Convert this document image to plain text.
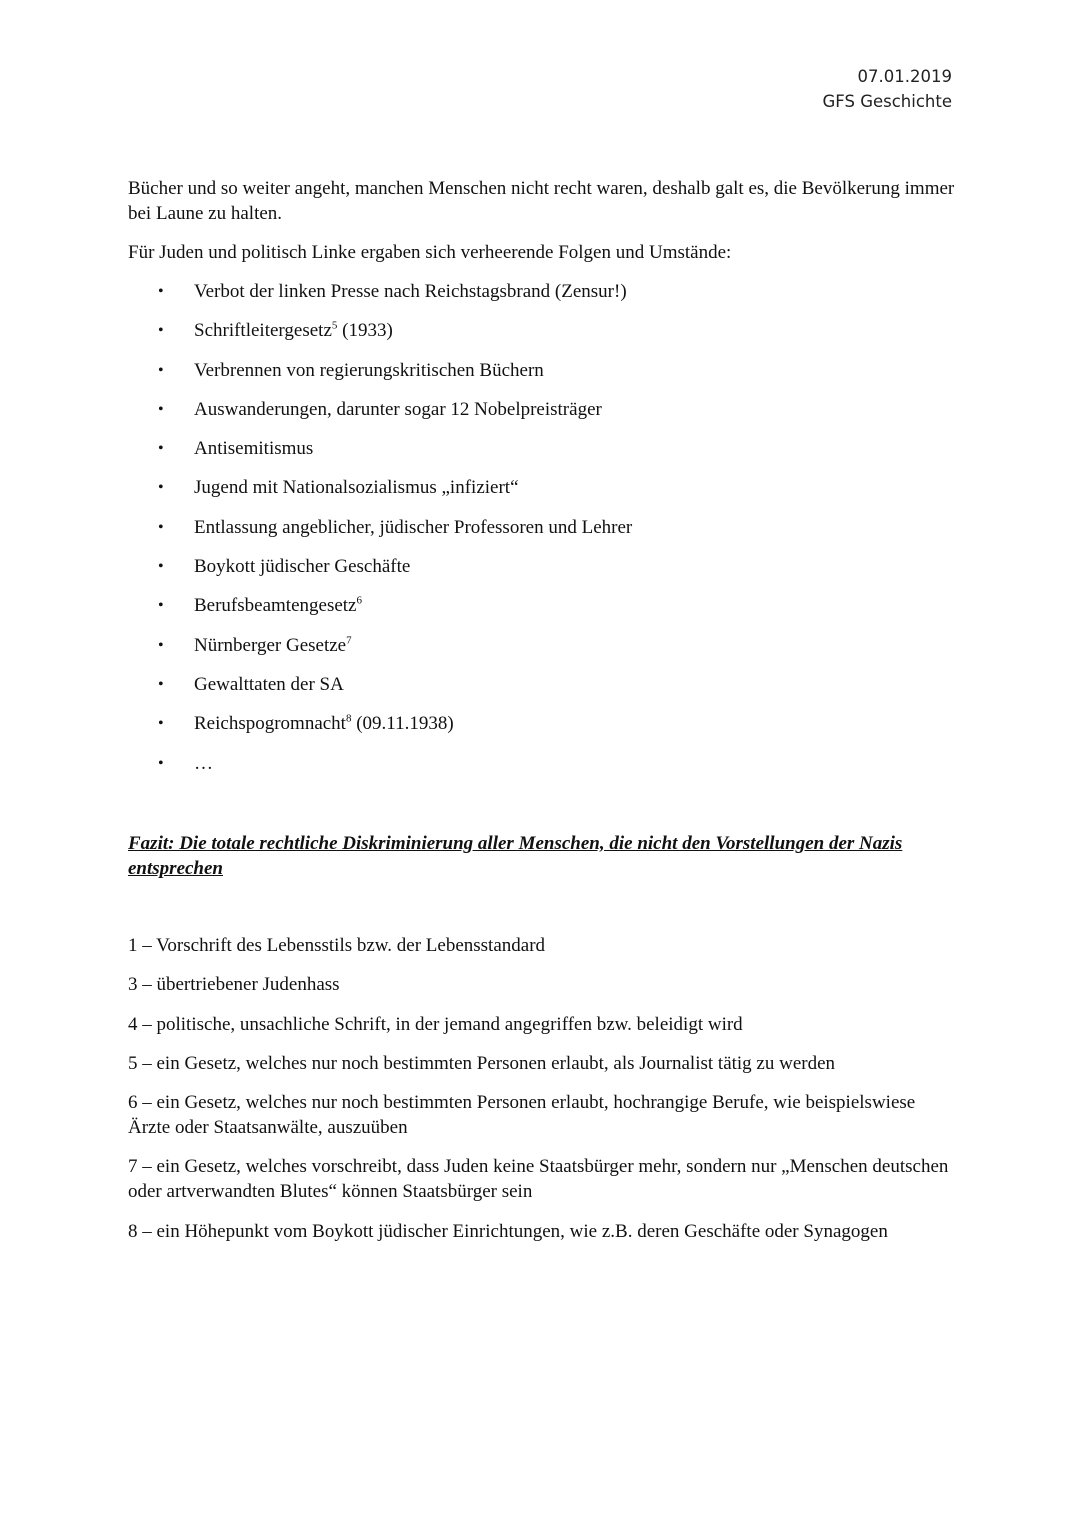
07.01.2019
GFS Geschichte

Bücher und so weiter angeht, manchen Menschen nicht recht waren, deshalb galt es, die Bevölkerung immer bei Laune zu halten.

Für Juden und politisch Linke ergaben sich verheerende Folgen und Umstände:

• Verbot der linken Presse nach Reichstagsbrand (Zensur!)
• Schriftleitergesetz$^5$ (1933)
• Verbrennen von regierungskritischen Büchern
• Auswanderungen, darunter sogar 12 Nobelpreisträger
• Antisemitismus
• Jugend mit Nationalsozialismus „infiziert“
• Entlassung angeblicher, jüdischer Professoren und Lehrer
• Boykott jüdischer Geschäfte
• Berufsbeamtengesetz$^6$
• Nürnberger Gesetze$^7$
• Gewalttaten der SA
• Reichspogromnacht$^8$ (09.11.1938)
• …

Fazit: Die totale rechtliche Diskriminierung aller Menschen, die nicht den Vorstellungen der Nazis entsprechen

1 – Vorschrift des Lebensstils bzw. der Lebensstandard
3 – übertriebener Judenhass
4 – politische, unsachliche Schrift, in der jemand angegriffen bzw. beleidigt wird
5 – ein Gesetz, welches nur noch bestimmten Personen erlaubt, als Journalist tätig zu werden
6 – ein Gesetz, welches nur noch bestimmten Personen erlaubt, hochrangige Berufe, wie beispielswiese Ärzte oder Staatsanwälte, auszuüben
7 – ein Gesetz, welches vorschreibt, dass Juden keine Staatsbürger mehr, sondern nur „Menschen deutschen oder artverwandten Blutes“ können Staatsbürger sein
8 – ein Höhepunkt vom Boykott jüdischer Einrichtungen, wie z.B. deren Geschäfte oder Synagogen
